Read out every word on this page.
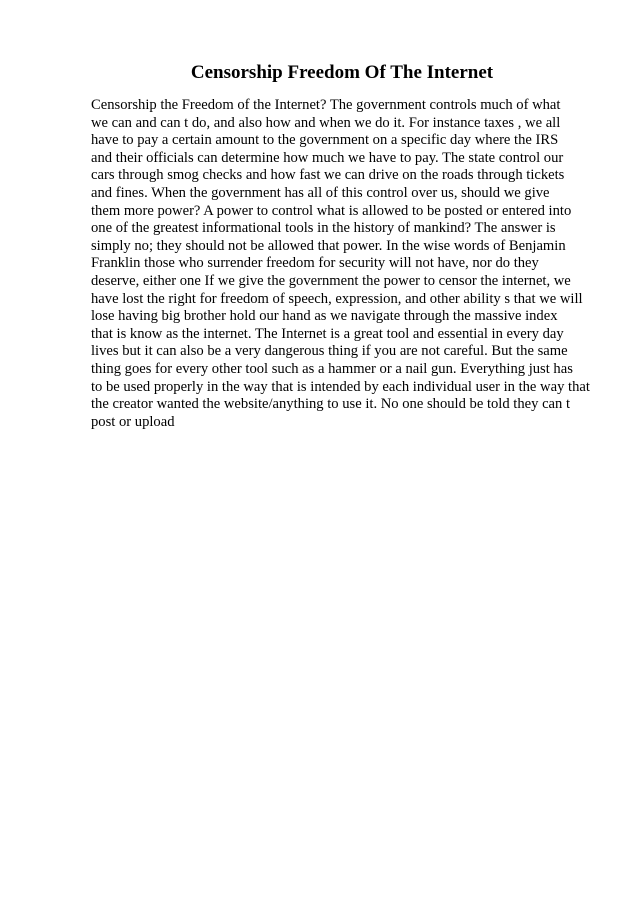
Censorship Freedom Of The Internet
Censorship the Freedom of the Internet? The government controls much of what
we can and can t do, and also how and when we do it. For instance taxes , we all
have to pay a certain amount to the government on a specific day where the IRS
and their officials can determine how much we have to pay. The state control our
cars through smog checks and how fast we can drive on the roads through tickets
and fines. When the government has all of this control over us, should we give
them more power? A power to control what is allowed to be posted or entered into
one of the greatest informational tools in the history of mankind? The answer is
simply no; they should not be allowed that power. In the wise words of Benjamin
Franklin those who surrender freedom for security will not have, nor do they
deserve, either one If we give the government the power to censor the internet, we
have lost the right for freedom of speech, expression, and other ability s that we will
lose having big brother hold our hand as we navigate through the massive index
that is know as the internet. The Internet is a great tool and essential in every day
lives but it can also be a very dangerous thing if you are not careful. But the same
thing goes for every other tool such as a hammer or a nail gun. Everything just has
to be used properly in the way that is intended by each individual user in the way that
the creator wanted the website/anything to use it. No one should be told they can t
post or upload
